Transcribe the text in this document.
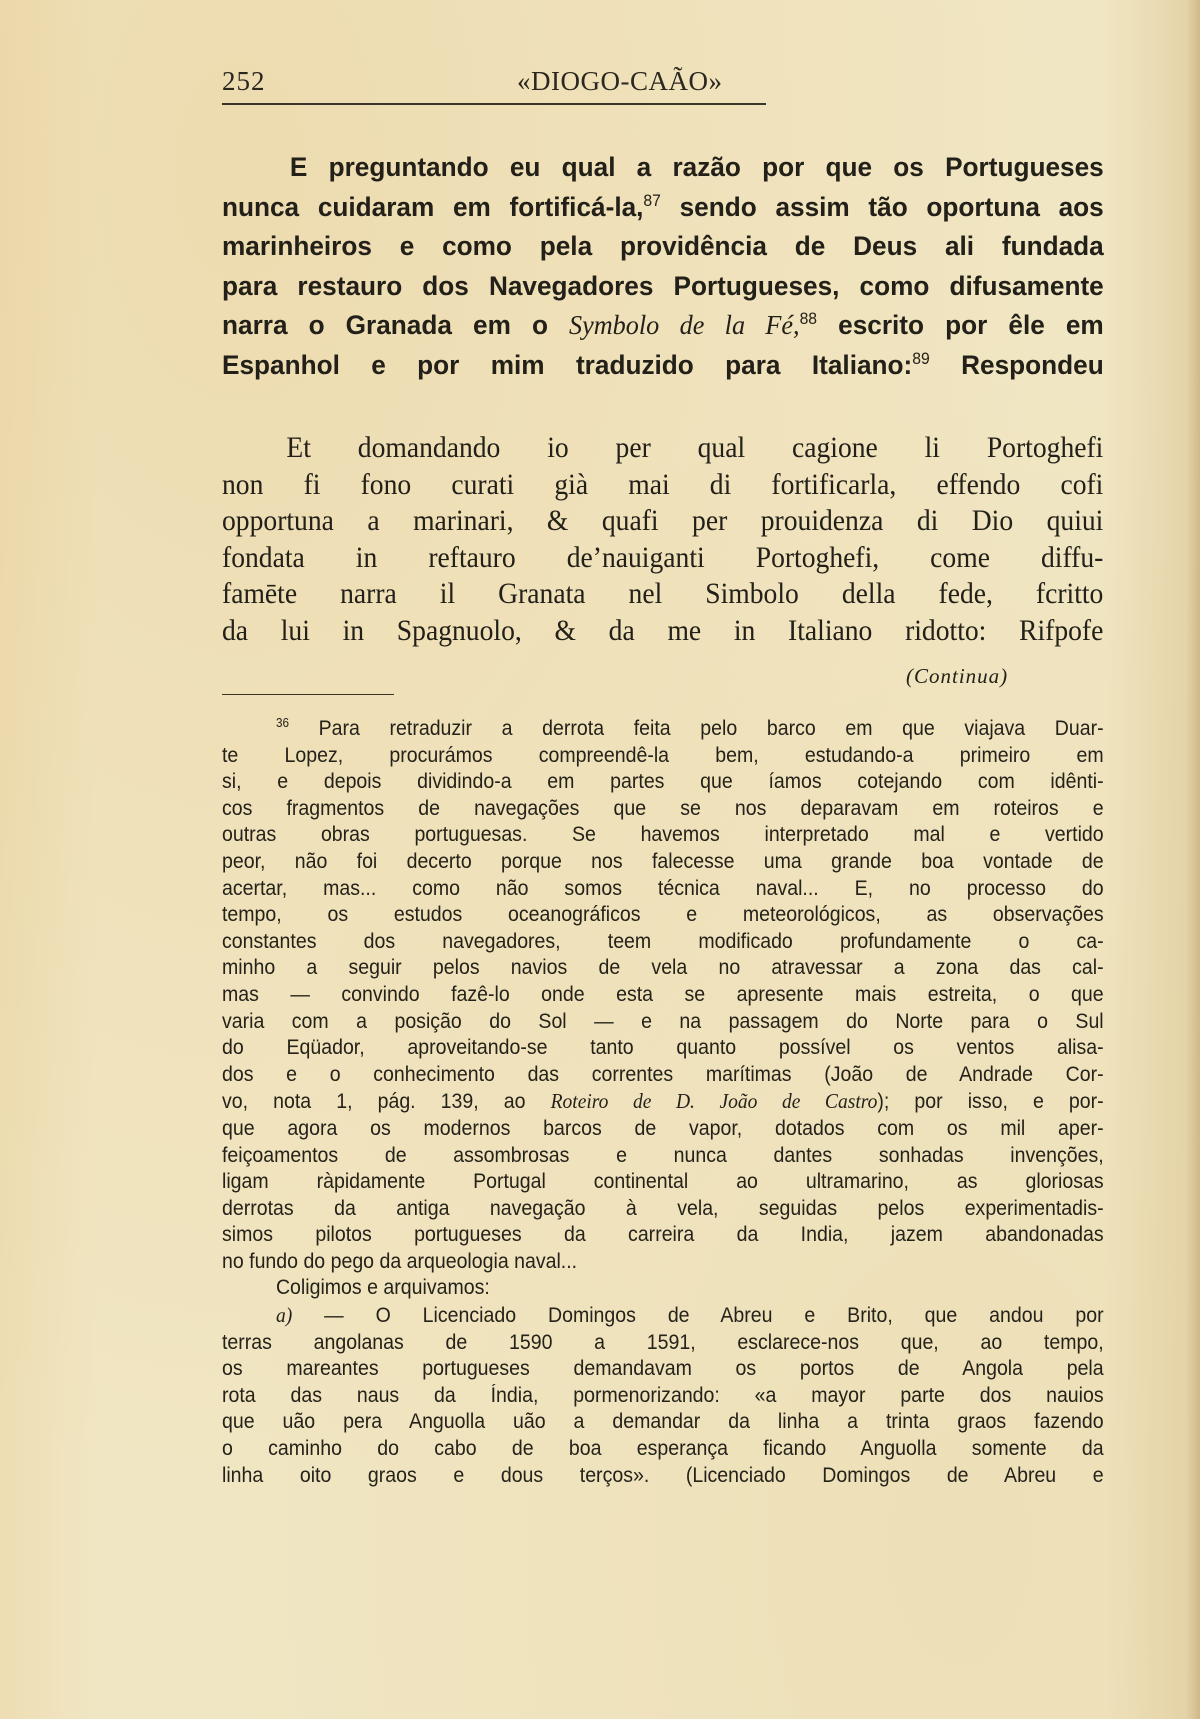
252	«DIOGO-CAÃO»
E preguntando eu qual a razão por que os Portugueses
nunca cuidaram em fortificá-la,$^{87}$ sendo assim tão oportuna aos
marinheiros e como pela providência de Deus ali fundada
para restauro dos Navegadores Portugueses, como difusamente
narra o Granada em o Symbolo de la Fé,$^{88}$ escrito por êle em
Espanhol e por mim traduzido para Italiano:$^{89}$ Respondeu
Et domandando io per qual cagione li Portoghefi
non fi fono curati già mai di fortificarla, effendo cofi
opportuna a marinari, & quafi per prouidenza di Dio quiui
fondata in reftauro de’nauiganti Portoghefi, come diffu-
famēte narra il Granata nel Simbolo della fede, fcritto
da lui in Spagnuolo, & da me in Italiano ridotto: Rifpofe
(Continua)
$^{36}$ Para retraduzir a derrota feita pelo barco em que viajava Duar-
te Lopez, procurámos compreendê-la bem, estudando-a primeiro em
si, e depois dividindo-a em partes que íamos cotejando com idênti-
cos fragmentos de navegações que se nos deparavam em roteiros e
outras obras portuguesas. Se havemos interpretado mal e vertido
peor, não foi decerto porque nos falecesse uma grande boa vontade de
acertar, mas... como não somos técnica naval... E, no processo do
tempo, os estudos oceanográficos e meteorológicos, as observações
constantes dos navegadores, teem modificado profundamente o ca-
minho a seguir pelos navios de vela no atravessar a zona das cal-
mas — convindo fazê-lo onde esta se apresente mais estreita, o que
varia com a posição do Sol — e na passagem do Norte para o Sul
do Eqüador, aproveitando-se tanto quanto possível os ventos alisa-
dos e o conhecimento das correntes marítimas (João de Andrade Cor-
vo, nota 1, pág. 139, ao Roteiro de D. João de Castro); por isso, e por-
que agora os modernos barcos de vapor, dotados com os mil aper-
feiçoamentos de assombrosas e nunca dantes sonhadas invenções,
ligam ràpidamente Portugal continental ao ultramarino, as gloriosas
derrotas da antiga navegação à vela, seguidas pelos experimentadis-
simos pilotos portugueses da carreira da India, jazem abandonadas
no fundo do pego da arqueologia naval...
Coligimos e arquivamos:
a) — O Licenciado Domingos de Abreu e Brito, que andou por
terras angolanas de 1590 a 1591, esclarece-nos que, ao tempo,
os mareantes portugueses demandavam os portos de Angola pela
rota das naus da Índia, pormenorizando: «a mayor parte dos nauios
que uão pera Anguolla uão a demandar da linha a trinta graos fazendo
o caminho do cabo de boa esperança ficando Anguolla somente da
linha oito graos e dous terços». (Licenciado Domingos de Abreu e
